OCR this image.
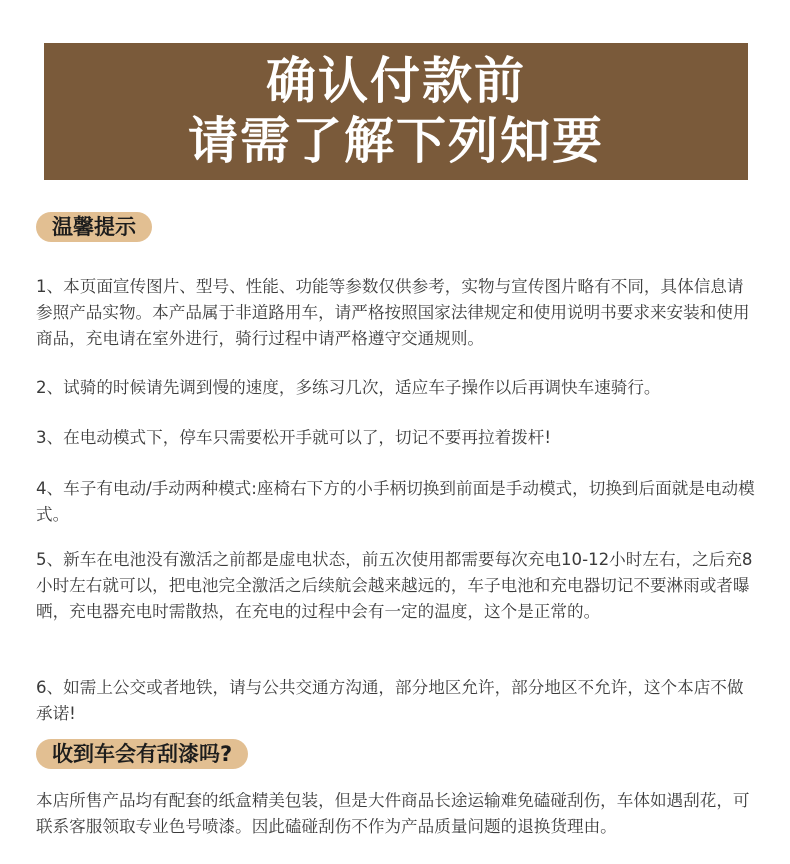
确认付款前
请需了解下列知要
温馨提示
1、本页面宣传图片、型号、性能、功能等参数仅供参考，实物与宣传图片略有不同，具体信息请参照产品实物。本产品属于非道路用车，请严格按照国家法律规定和使用说明书要求来安装和使用商品，充电请在室外进行，骑行过程中请严格遵守交通规则。
2、试骑的时候请先调到慢的速度，多练习几次，适应车子操作以后再调快车速骑行。
3、在电动模式下，停车只需要松开手就可以了，切记不要再拉着拨杆!
4、车子有电动/手动两种模式:座椅右下方的小手柄切换到前面是手动模式，切换到后面就是电动模式。
5、新车在电池没有激活之前都是虚电状态，前五次使用都需要每次充电10-12小时左右，之后充8小时左右就可以，把电池完全激活之后续航会越来越远的，车子电池和充电器切记不要淋雨或者曝晒，充电器充电时需散热，在充电的过程中会有一定的温度，这个是正常的。
6、如需上公交或者地铁，请与公共交通方沟通，部分地区允许，部分地区不允许，这个本店不做承诺!
收到车会有刮漆吗?
本店所售产品均有配套的纸盒精美包装，但是大件商品长途运输难免磕碰刮伤，车体如遇刮花，可联系客服领取专业色号喷漆。因此磕碰刮伤不作为产品质量问题的退换货理由。
